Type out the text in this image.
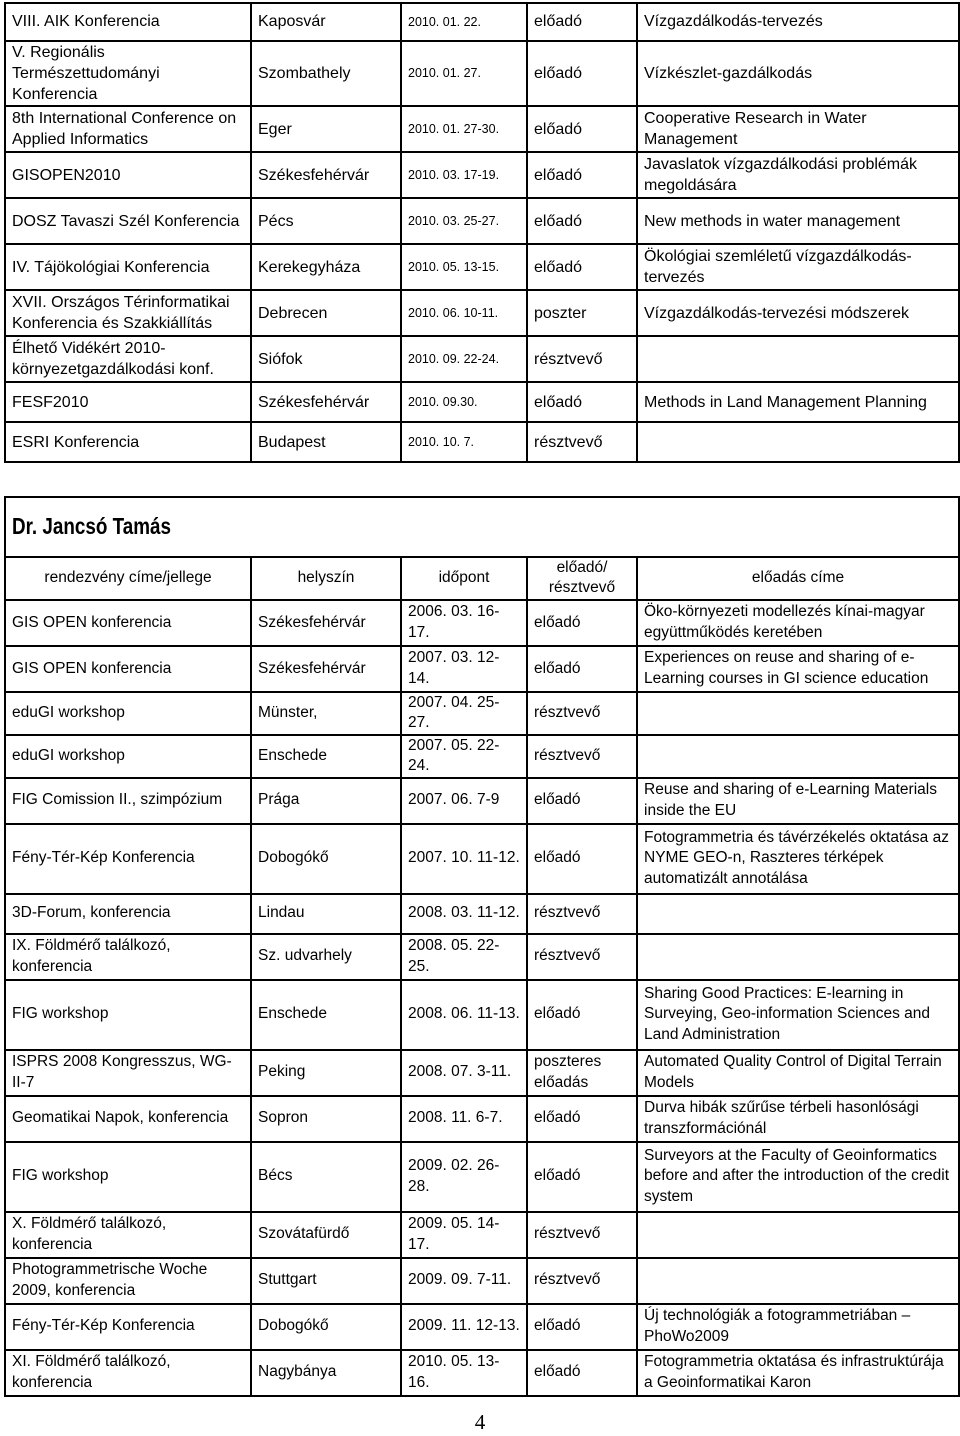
VIII. AIK Konferencia	Kaposvár	2010. 01. 22.	előadó	Vízgazdálkodás-tervezés
V. Regionális Természettudományi Konferencia	Szombathely	2010. 01. 27.	előadó	Vízkészlet-gazdálkodás
8th International Conference on Applied Informatics	Eger	2010. 01. 27-30.	előadó	Cooperative Research in Water Management
GISOPEN2010	Székesfehérvár	2010. 03. 17-19.	előadó	Javaslatok vízgazdálkodási problémák megoldására
DOSZ Tavaszi Szél Konferencia	Pécs	2010. 03. 25-27.	előadó	New methods in water management
IV. Tájökológiai Konferencia	Kerekegyháza	2010. 05. 13-15.	előadó	Ökológiai szemléletű vízgazdálkodás-tervezés
XVII. Országos Térinformatikai Konferencia és Szakkiállítás	Debrecen	2010. 06. 10-11.	poszter	Vízgazdálkodás-tervezési módszerek
Élhető Vidékért 2010-környezetgazdálkodási konf.	Siófok	2010. 09. 22-24.	résztvevő	
FESF2010	Székesfehérvár	2010. 09.30.	előadó	Methods in Land Management Planning
ESRI Konferencia	Budapest	2010. 10. 7.	résztvevő	
Dr. Jancsó Tamás				
rendezvény címe/jellege	helyszín	időpont	előadó/ résztvevő	előadás címe
GIS OPEN konferencia	Székesfehérvár	2006. 03. 16-17.	előadó	Öko-környezeti modellezés kínai-magyar együttműködés keretében
GIS OPEN konferencia	Székesfehérvár	2007. 03. 12-14.	előadó	Experiences on reuse and sharing of e-Learning courses in GI science education
eduGI workshop	Münster,	2007. 04. 25-27.	résztvevő	
eduGI workshop	Enschede	2007. 05. 22-24.	résztvevő	
FIG Comission II., szimpózium	Prága	2007. 06. 7-9	előadó	Reuse and sharing of e-Learning Materials inside the EU
Fény-Tér-Kép Konferencia	Dobogókő	2007. 10. 11-12.	előadó	Fotogrammetria és távérzékelés oktatása az NYME GEO-n, Raszteres térképek automatizált annotálása
3D-Forum, konferencia	Lindau	2008. 03. 11-12.	résztvevő	
IX. Földmérő találkozó, konferencia	Sz. udvarhely	2008. 05. 22-25.	résztvevő	
FIG workshop	Enschede	2008. 06. 11-13.	előadó	Sharing Good Practices: E-learning in Surveying, Geo-information Sciences and Land Administration
ISPRS 2008 Kongresszus, WG-II-7	Peking	2008. 07. 3-11.	poszteres előadás	Automated Quality Control of Digital Terrain Models
Geomatikai Napok, konferencia	Sopron	2008. 11. 6-7.	előadó	Durva hibák szűrűse térbeli hasonlósági transzformációnál
FIG workshop	Bécs	2009. 02. 26-28.	előadó	Surveyors at the Faculty of Geoinformatics before and after the introduction of the credit system
X. Földmérő találkozó, konferencia	Szovátafürdő	2009. 05. 14-17.	résztvevő	
Photogrammetrische Woche 2009, konferencia	Stuttgart	2009. 09. 7-11.	résztvevő	
Fény-Tér-Kép Konferencia	Dobogókő	2009. 11. 12-13.	előadó	Új technológiák a fotogrammetriában – PhoWo2009
XI. Földmérő találkozó, konferencia	Nagybánya	2010. 05. 13-16.	előadó	Fotogrammetria oktatása és infrastruktúrája a Geoinformatikai Karon
4
